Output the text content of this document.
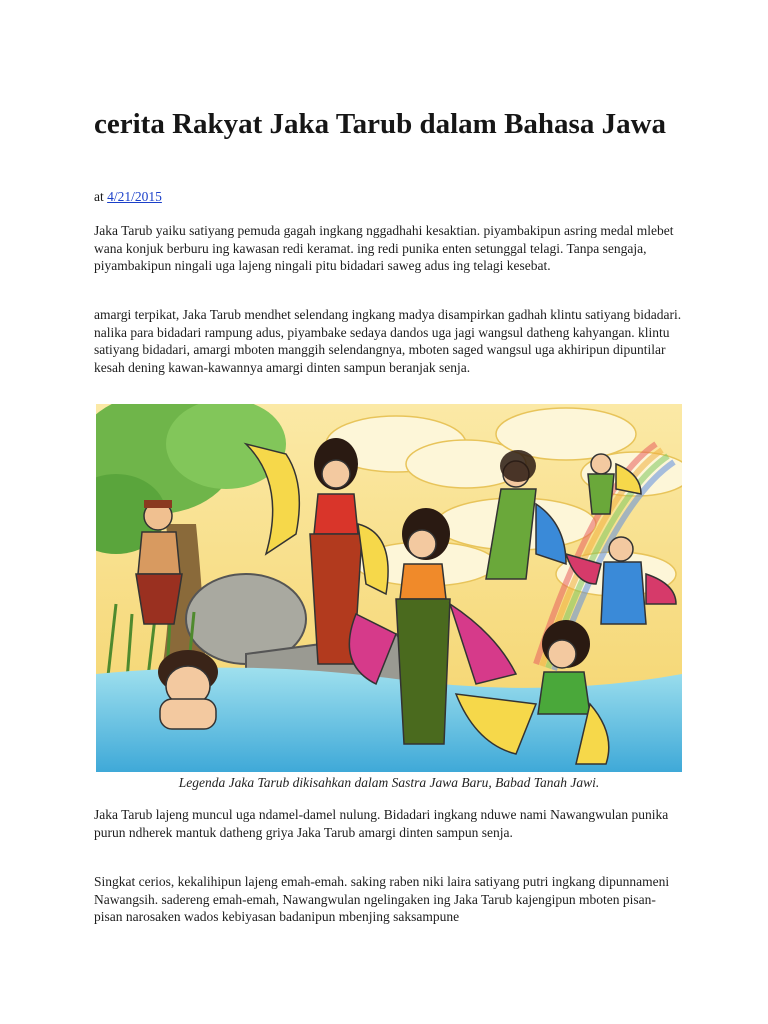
cerita Rakyat Jaka Tarub dalam Bahasa Jawa
at 4/21/2015

Jaka Tarub yaiku satiyang pemuda gagah ingkang nggadhahi kesaktian. piyambakipun asring medal mlebet wana konjuk berburu ing kawasan redi keramat. ing redi punika enten setunggal telagi. Tanpa sengaja, piyambakipun ningali uga lajeng ningali pitu bidadari saweg adus ing telagi kesebat.

amargi terpikat, Jaka Tarub mendhet selendang ingkang madya disampirkan gadhah klintu satiyang bidadari. nalika para bidadari rampung adus, piyambake sedaya dandos uga jagi wangsul datheng kahyangan. klintu satiyang bidadari, amargi mboten manggih selendangnya, mboten saged wangsul uga akhiripun dipuntilar kesah dening kawan-kawannya amargi dinten sampun beranjak senja.

Legenda Jaka Tarub dikisahkan dalam Sastra Jawa Baru, Babad Tanah Jawi.

Jaka Tarub lajeng muncul uga ndamel-damel nulung. Bidadari ingkang nduwe nami Nawangwulan punika purun ndherek mantuk datheng griya Jaka Tarub amargi dinten sampun senja.

Singkat cerios, kekalihipun lajeng emah-emah. saking raben niki laira satiyang putri ingkang dipunnameni Nawangsih. sadereng emah-emah, Nawangwulan ngelingaken ing Jaka Tarub kajengipun mboten pisan-pisan narosaken wados kebiyasan badanipun mbenjing saksampune
